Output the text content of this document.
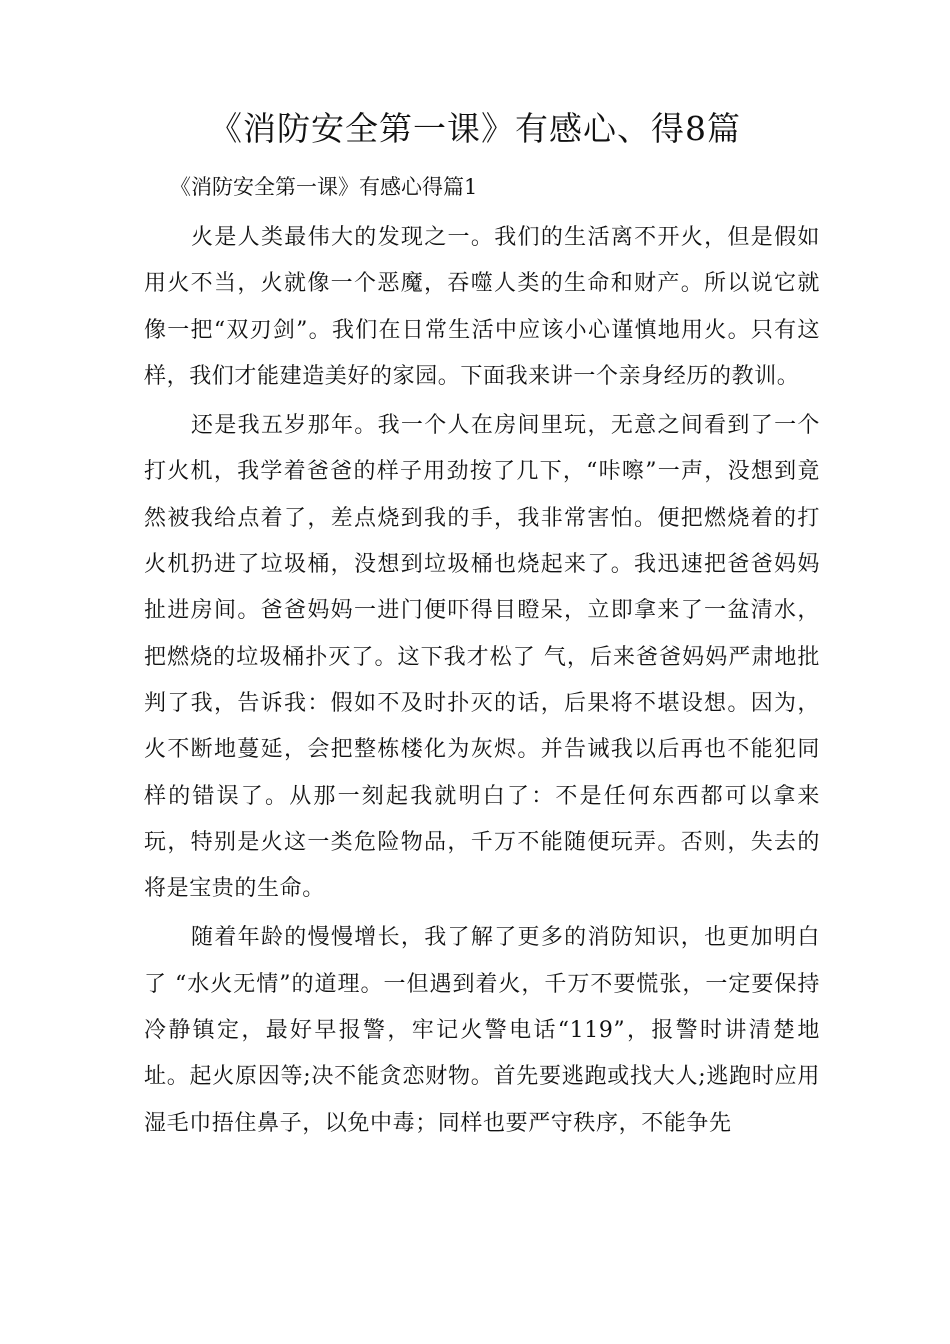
《消防安全第一课》有感心、得8篇

《消防安全第一课》有感心得篇1

火是人类最伟大的发现之一。我们的生活离不开火，但是假如用火不当，火就像一个恶魔，吞噬人类的生命和财产。所以说它就像一把“双刃剑”。我们在日常生活中应该小心谨慎地用火。只有这样，我们才能建造美好的家园。下面我来讲一个亲身经历的教训。

还是我五岁那年。我一个人在房间里玩，无意之间看到了一个打火机，我学着爸爸的样子用劲按了几下，“咔嚓”一声，没想到竟然被我给点着了，差点烧到我的手，我非常害怕。便把燃烧着的打火机扔进了垃圾桶，没想到垃圾桶也烧起来了。我迅速把爸爸妈妈扯进房间。爸爸妈妈一进门便吓得目瞪呆，立即拿来了一盆清水，把燃烧的垃圾桶扑灭了。这下我才松了 气，后来爸爸妈妈严肃地批判了我，告诉我：假如不及时扑灭的话，后果将不堪设想。因为，火不断地蔓延，会把整栋楼化为灰烬。并告诫我以后再也不能犯同样的错误了。从那一刻起我就明白了：不是任何东西都可以拿来玩，特别是火这一类危险物品，千万不能随便玩弄。否则，失去的将是宝贵的生命。

随着年龄的慢慢增长，我了解了更多的消防知识，也更加明白了 “水火无情”的道理。一但遇到着火，千万不要慌张，一定要保持冷静镇定，最好早报警，牢记火警电话“119”，报警时讲清楚地址。起火原因等;决不能贪恋财物。首先要逃跑或找大人;逃跑时应用湿毛巾捂住鼻子，以免中毒；同样也要严守秩序，不能争先
